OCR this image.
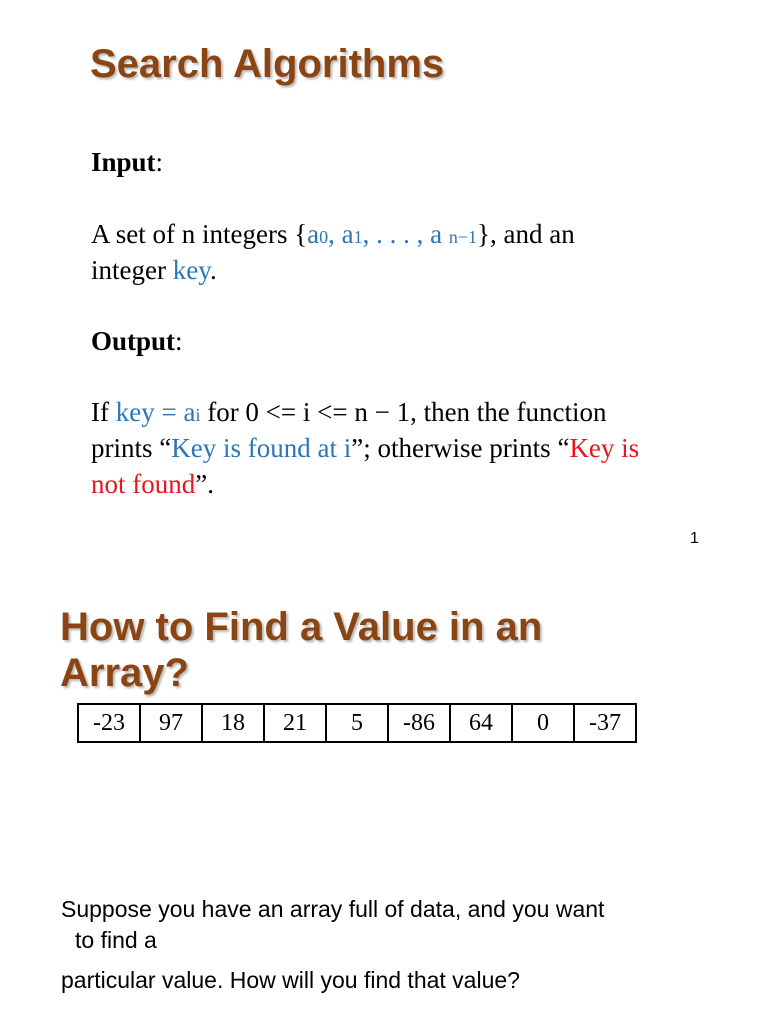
Search Algorithms
Input:
A set of n integers {a0, a1, . . . , a n−1}, and an
integer key.
Output:
If key = ai for 0 <= i <= n − 1, then the function
prints “Key is found at i”; otherwise prints “Key is
not found”.
1
How to Find a Value in an Array?
-23	97	18	21	5	-86	64	0	-37
Suppose you have an array full of data, and you want
to find a
particular value. How will you find that value?
